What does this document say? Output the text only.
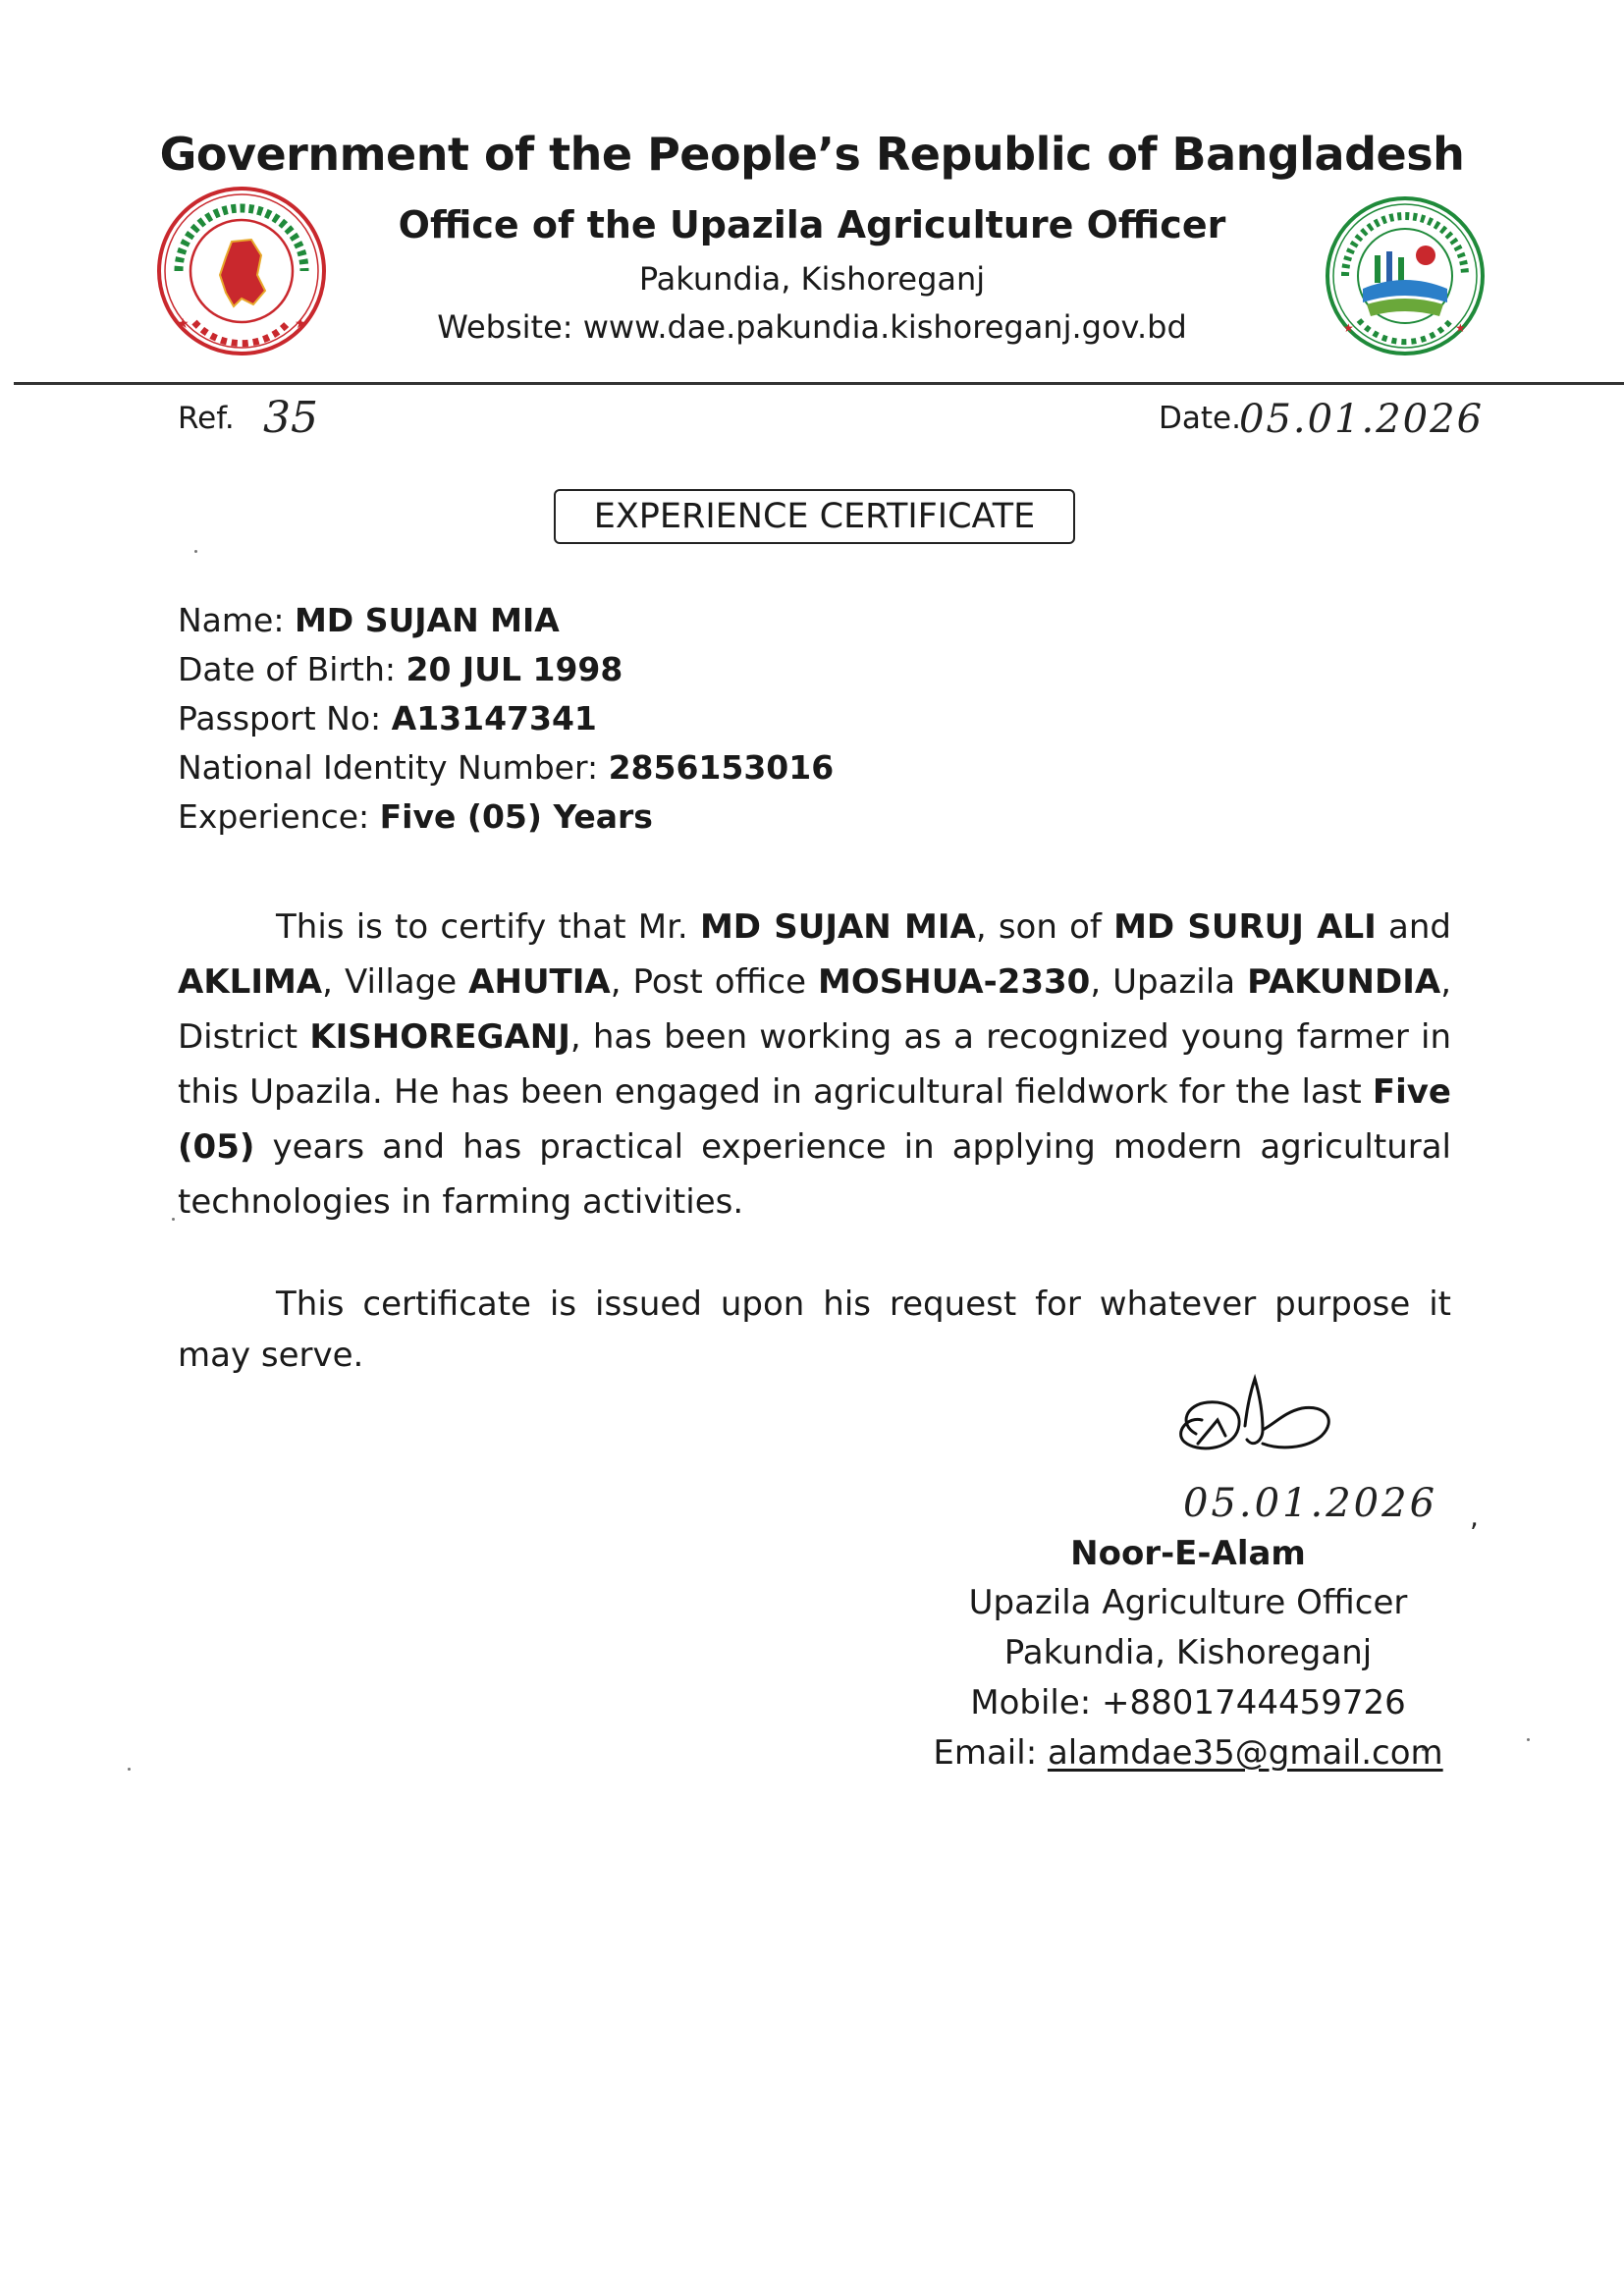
Government of the People’s Republic of Bangladesh
Office of the Upazila Agriculture Officer
Pakundia, Kishoreganj
Website: www.dae.pakundia.kishoreganj.gov.bd
★	★	★	★
Ref. 35	Date.
05.01.2026
EXPERIENCE CERTIFICATE
Name: MD SUJAN MIA
Date of Birth: 20 JUL 1998
Passport No: A13147341
National Identity Number: 2856153016
Experience: Five (05) Years
This is to certify that Mr. MD SUJAN MIA, son of MD SURUJ ALI and AKLIMA, Village AHUTIA, Post office MOSHUA-2330, Upazila PAKUNDIA, District KISHOREGANJ, has been working as a recognized young farmer in this Upazila. He has been engaged in agricultural fieldwork for the last Five (05) years and has practical experience in applying modern agricultural technologies in farming activities.
This certificate is issued upon his request for whatever purpose it may serve.
05.01.2026 ,
Noor-E-Alam
Upazila Agriculture Officer
Pakundia, Kishoreganj
Mobile: +8801744459726
Email: alamdae35@gmail.com
